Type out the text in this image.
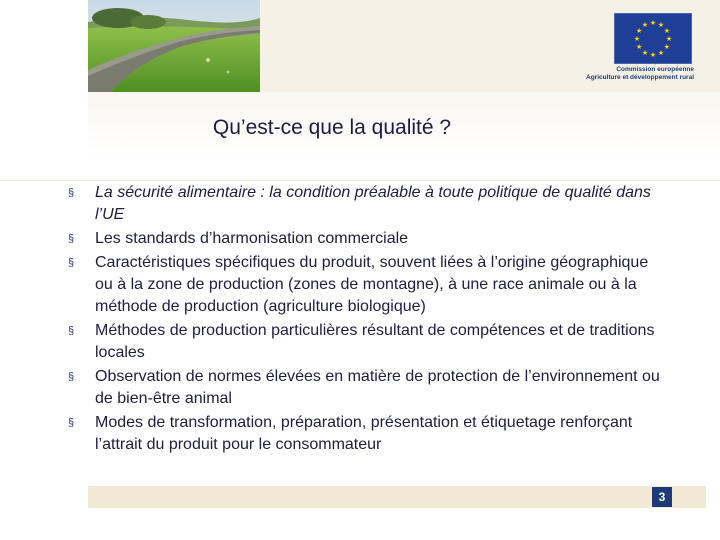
★ ★
★
★
★
★
★
★
★
★
★
★
Commission européenne
Agriculture et développement rural
Qu’est-ce que la qualité ?
§ La sécurité alimentaire : la condition préalable à toute politique de qualité dans l’UE
§ Les standards d’harmonisation commerciale
§ Caractéristiques spécifiques du produit, souvent liées à l’origine géographique ou à la zone de production (zones de montagne), à une race animale ou à la méthode de production (agriculture biologique)
§ Méthodes de production particulières résultant de compétences et de traditions locales
§ Observation de normes élevées en matière de protection de l’environnement ou de bien-être animal
§ Modes de transformation, préparation, présentation et étiquetage renforçant l’attrait du produit pour le consommateur
3
